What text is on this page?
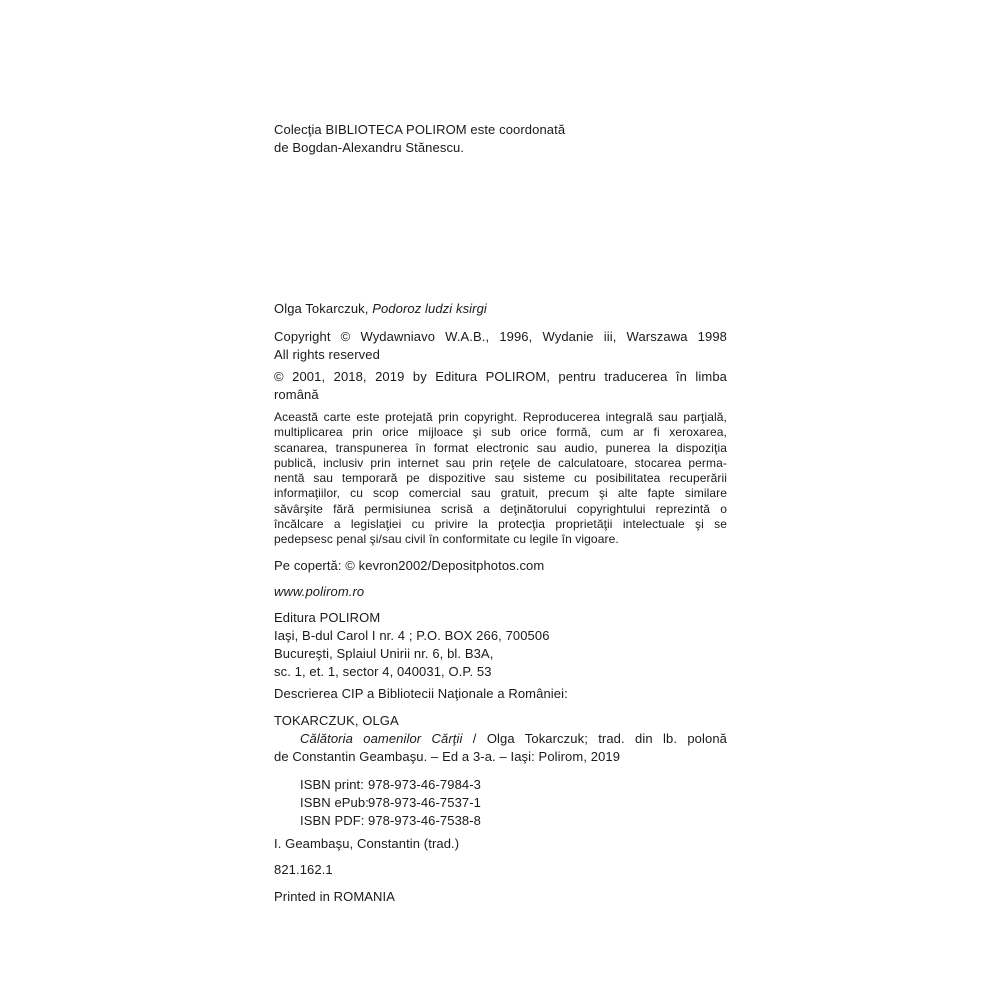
Colecţia BIBLIOTECA POLIROM este coordonată
de Bogdan-Alexandru Stănescu.
Olga Tokarczuk, Podoroz ludzi ksirgi
Copyright © Wydawniavo W.A.B., 1996, Wydanie iii, Warszawa 1998
All rights reserved
© 2001, 2018, 2019 by Editura POLIROM, pentru traducerea în limba
română
Această carte este protejată prin copyright. Reproducerea integrală sau parţială,
multiplicarea prin orice mijloace şi sub orice formă, cum ar fi xeroxarea,
scanarea, transpunerea în format electronic sau audio, punerea la dispoziţia
publică, inclusiv prin internet sau prin reţele de calculatoare, stocarea perma-
nentă sau temporară pe dispozitive sau sisteme cu posibilitatea recuperării
informaţiilor, cu scop comercial sau gratuit, precum şi alte fapte similare
săvârşite fără permisiunea scrisă a deţinătorului copyrightului reprezintă o
încălcare a legislaţiei cu privire la protecţia proprietăţii intelectuale şi se
pedepsesc penal şi/sau civil în conformitate cu legile în vigoare.
Pe copertă: © kevron2002/Depositphotos.com
www.polirom.ro
Editura POLIROM
Iaşi, B-dul Carol I nr. 4 ; P.O. BOX 266, 700506
Bucureşti, Splaiul Unirii nr. 6, bl. B3A,
sc. 1, et. 1, sector 4, 040031, O.P. 53
Descrierea CIP a Bibliotecii Naţionale a României:
TOKARCZUK, OLGA
Călătoria oamenilor Cărţii / Olga Tokarczuk; trad. din lb. polonă
de Constantin Geambaşu. – Ed a 3-a. – Iaşi: Polirom, 2019
ISBN print: 978-973-46-7984-3
ISBN ePub:978-973-46-7537-1
ISBN PDF: 978-973-46-7538-8
I. Geambaşu, Constantin (trad.)
821.162.1
Printed in ROMANIA
